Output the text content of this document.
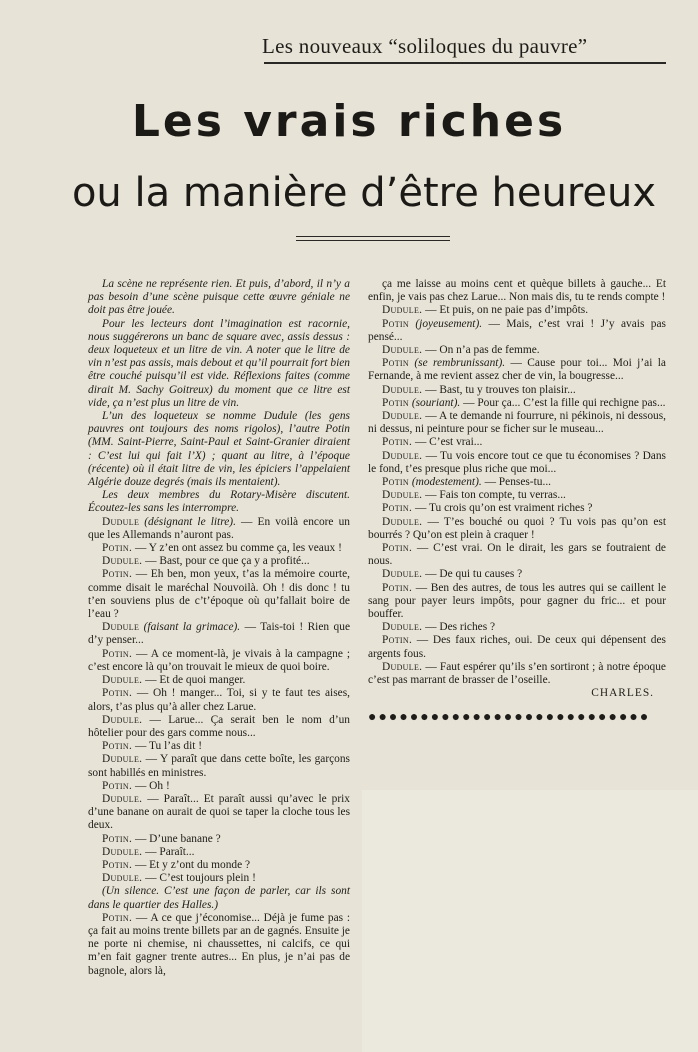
Les nouveaux “soliloques du pauvre”
Les vrais riches
ou la manière d’être heureux

La scène ne représente rien. Et puis, d’abord, il n’y a pas besoin d’une scène puisque cette œuvre géniale ne doit pas être jouée.

Pour les lecteurs dont l’imagination est racornie, nous suggérerons un banc de square avec, assis dessus : deux loqueteux et un litre de vin. A noter que le litre de vin n’est pas assis, mais debout et qu’il pourrait fort bien être couché puisqu’il est vide. Réflexions faites (comme dirait M. Sachy Goitreux) du moment que ce litre est vide, ça n’est plus un litre de vin.

L’un des loqueteux se nomme Dudule (les gens pauvres ont toujours des noms rigolos), l’autre Potin (MM. Saint-Pierre, Saint-Paul et Saint-Granier diraient : C’est lui qui fait l’X) ; quant au litre, à l’époque (récente) où il était litre de vin, les épiciers l’appelaient Algérie douze degrés (mais ils mentaient).

Les deux membres du Rotary-Misère discutent. Écoutez-les sans les interrompre.

Dudule (désignant le litre). — En voilà encore un que les Allemands n’auront pas.

Potin. — Y z’en ont assez bu comme ça, les veaux !

Dudule. — Bast, pour ce que ça y a profité...

Potin. — Eh ben, mon yeux, t’as la mémoire courte, comme disait le maréchal Nouvoilà. Oh ! dis donc ! tu t’en souviens plus de c’t’époque où qu’fallait boire de l’eau ?

Dudule (faisant la grimace). — Tais-toi ! Rien que d’y penser...

Potin. — A ce moment-là, je vivais à la campagne ; c’est encore là qu’on trouvait le mieux de quoi boire.

Dudule. — Et de quoi manger.

Potin. — Oh ! manger... Toi, si y te faut tes aises, alors, t’as plus qu’à aller chez Larue.

Dudule. — Larue... Ça serait ben le nom d’un hôtelier pour des gars comme nous...

Potin. — Tu l’as dit !

Dudule. — Y paraît que dans cette boîte, les garçons sont habillés en ministres.

Potin. — Oh !

Dudule. — Paraît... Et paraît aussi qu’avec le prix d’une banane on aurait de quoi se taper la cloche tous les deux.

Potin. — D’une banane ?

Dudule. — Paraît...

Potin. — Et y z’ont du monde ?

Dudule. — C’est toujours plein !

(Un silence. C’est une façon de parler, car ils sont dans le quartier des Halles.)

Potin. — A ce que j’économise... Déjà je fume pas : ça fait au moins trente billets par an de gagnés. Ensuite je ne porte ni chemise, ni chaussettes, ni calcifs, ce qui m’en fait gagner trente autres... En plus, je n’ai pas de bagnole, alors là,

ça me laisse au moins cent et quèque billets à gauche... Et enfin, je vais pas chez Larue... Non mais dis, tu te rends compte !

Dudule. — Et puis, on ne paie pas d’impôts.

Potin (joyeusement). — Mais, c’est vrai ! J’y avais pas pensé...

Dudule. — On n’a pas de femme.

Potin (se rembrunissant). — Cause pour toi... Moi j’ai la Fernande, à me revient assez cher de vin, la bougresse...

Dudule. — Bast, tu y trouves ton plaisir...

Potin (souriant). — Pour ça... C’est la fille qui rechigne pas...

Dudule. — A te demande ni fourrure, ni pékinois, ni dessous, ni dessus, ni peinture pour se ficher sur le museau...

Potin. — C’est vrai...

Dudule. — Tu vois encore tout ce que tu économises ? Dans le fond, t’es presque plus riche que moi...

Potin (modestement). — Penses-tu...

Dudule. — Fais ton compte, tu verras...

Potin. — Tu crois qu’on est vraiment riches ?

Dudule. — T’es bouché ou quoi ? Tu vois pas qu’on est bourrés ? Qu’on est plein à craquer !

Potin. — C’est vrai. On le dirait, les gars se foutraient de nous.

Dudule. — De qui tu causes ?

Potin. — Ben des autres, de tous les autres qui se caillent le sang pour payer leurs impôts, pour gagner du fric... et pour bouffer.

Dudule. — Des riches ?

Potin. — Des faux riches, oui. De ceux qui dépensent des argents fous.

Dudule. — Faut espérer qu’ils s’en sortiront ; à notre époque c’est pas marrant de brasser de l’oseille.

CHARLES.

●●●●●●●●●●●●●●●●●●●●●●●●●●●
